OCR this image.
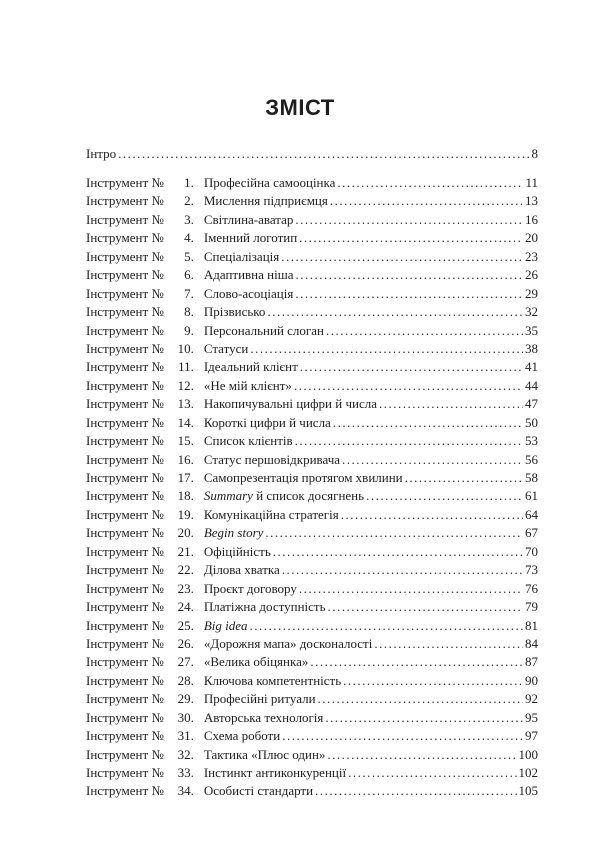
ЗМІСТ
Інтро .....	8
Інструмент №	1. Професійна самооцінка .....	11
Інструмент №	2. Мислення підприємця .....	13
Інструмент №	3. Світлина-аватар .....	16
Інструмент №	4. Іменний логотип .....	20
Інструмент №	5. Спеціалізація .....	23
Інструмент №	6. Адаптивна ніша .....	26
Інструмент №	7. Слово-асоціація .....	29
Інструмент №	8. Прізвисько .....	32
Інструмент №	9. Персональний слоган .....	35
Інструмент №	10. Статуси .....	38
Інструмент №	11. Ідеальний клієнт .....	41
Інструмент №	12. «Не мій клієнт» .....	44
Інструмент №	13. Накопичувальні цифри й числа .....	47
Інструмент №	14. Короткі цифри й числа .....	50
Інструмент №	15. Список клієнтів .....	53
Інструмент №	16. Статус першовідкривача .....	56
Інструмент №	17. Самопрезентація протягом хвилини .....	58
Інструмент №	18. Summary й список досягнень .....	61
Інструмент №	19. Комунікаційна стратегія .....	64
Інструмент №	20. Begin story .....	67
Інструмент №	21. Офіційність .....	70
Інструмент №	22. Ділова хватка .....	73
Інструмент №	23. Проєкт договору .....	76
Інструмент №	24. Платіжна доступність .....	79
Інструмент №	25. Big idea .....	81
Інструмент №	26. «Дорожня мапа» досконалості .....	84
Інструмент №	27. «Велика обіцянка» .....	87
Інструмент №	28. Ключова компетентність .....	90
Інструмент №	29. Професійні ритуали .....	92
Інструмент №	30. Авторська технологія .....	95
Інструмент №	31. Схема роботи .....	97
Інструмент №	32. Тактика «Плюс один» .....	100
Інструмент №	33. Інстинкт антиконкуренції .....	102
Інструмент №	34. Особисті стандарти .....	105
